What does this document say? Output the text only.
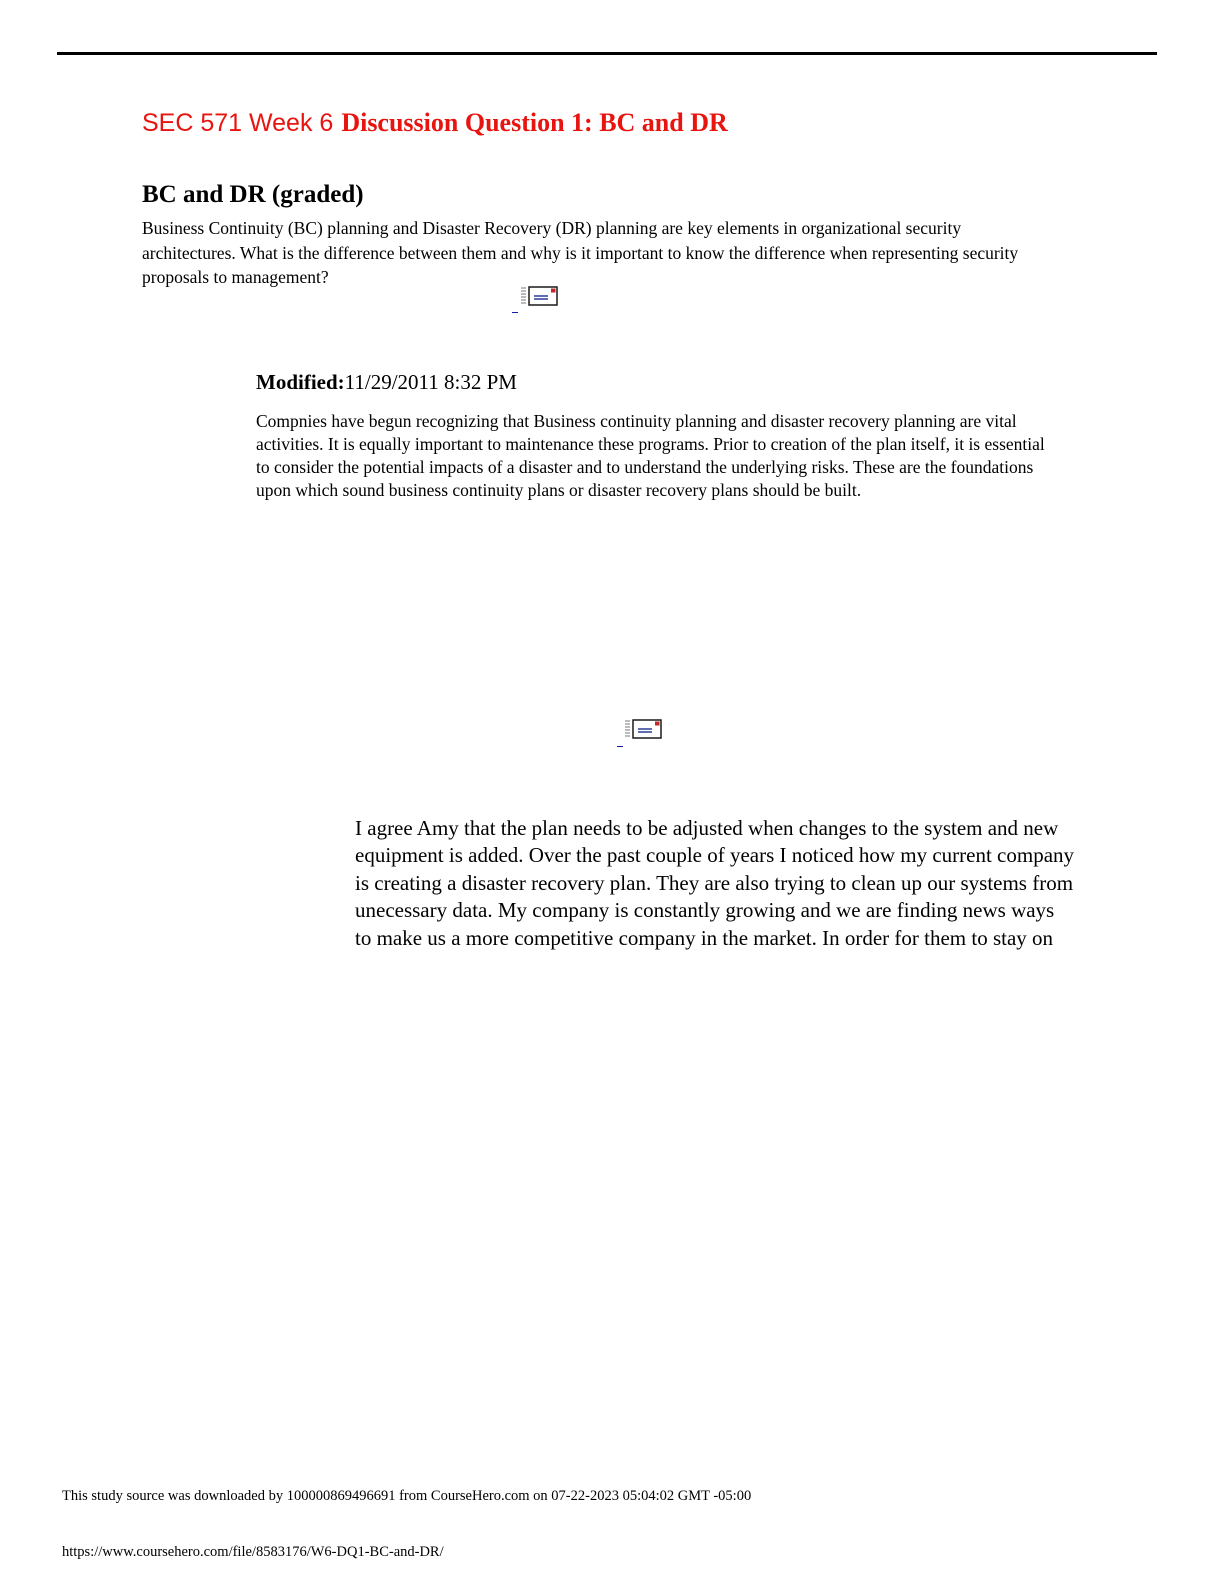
SEC 571 Week 6 Discussion Question 1: BC and DR
BC and DR (graded)

Business Continuity (BC) planning and Disaster Recovery (DR) planning are key elements in organizational security architectures. What is the difference between them and why is it important to know the difference when representing security proposals to management?

Modified:11/29/2011 8:32 PM

Compnies have begun recognizing that Business continuity planning and disaster recovery planning are vital activities. It is equally important to maintenance these programs. Prior to creation of the plan itself, it is essential to consider the potential impacts of a disaster and to understand the underlying risks. These are the foundations upon which sound business continuity plans or disaster recovery plans should be built.

I agree Amy that the plan needs to be adjusted when changes to the system and new equipment is added. Over the past couple of years I noticed how my current company is creating a disaster recovery plan. They are also trying to clean up our systems from unecessary data. My company is constantly growing and we are finding news ways to make us a more competitive company in the market. In order for them to stay on

This study source was downloaded by 100000869496691 from CourseHero.com on 07-22-2023 05:04:02 GMT -05:00

https://www.coursehero.com/file/8583176/W6-DQ1-BC-and-DR/
